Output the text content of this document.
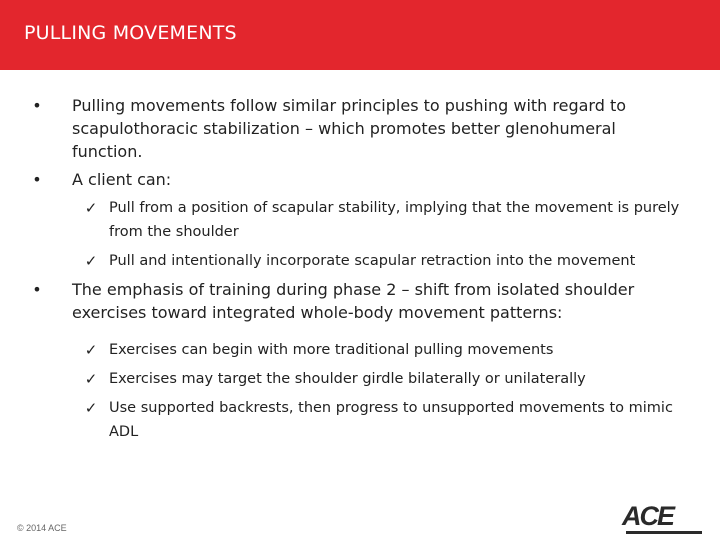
PULLING MOVEMENTS
• Pulling movements follow similar principles to pushing with regard to scapulothoracic stabilization – which promotes better glenohumeral function.
• A client can:
✓ Pull from a position of scapular stability, implying that the movement is purely from the shoulder
✓ Pull and intentionally incorporate scapular retraction into the movement
• The emphasis of training during phase 2 – shift from isolated shoulder exercises toward integrated whole-body movement patterns:
✓ Exercises can begin with more traditional pulling movements
✓ Exercises may target the shoulder girdle bilaterally or unilaterally
✓ Use supported backrests, then progress to unsupported movements to mimic ADL
© 2014 ACE	ACE
